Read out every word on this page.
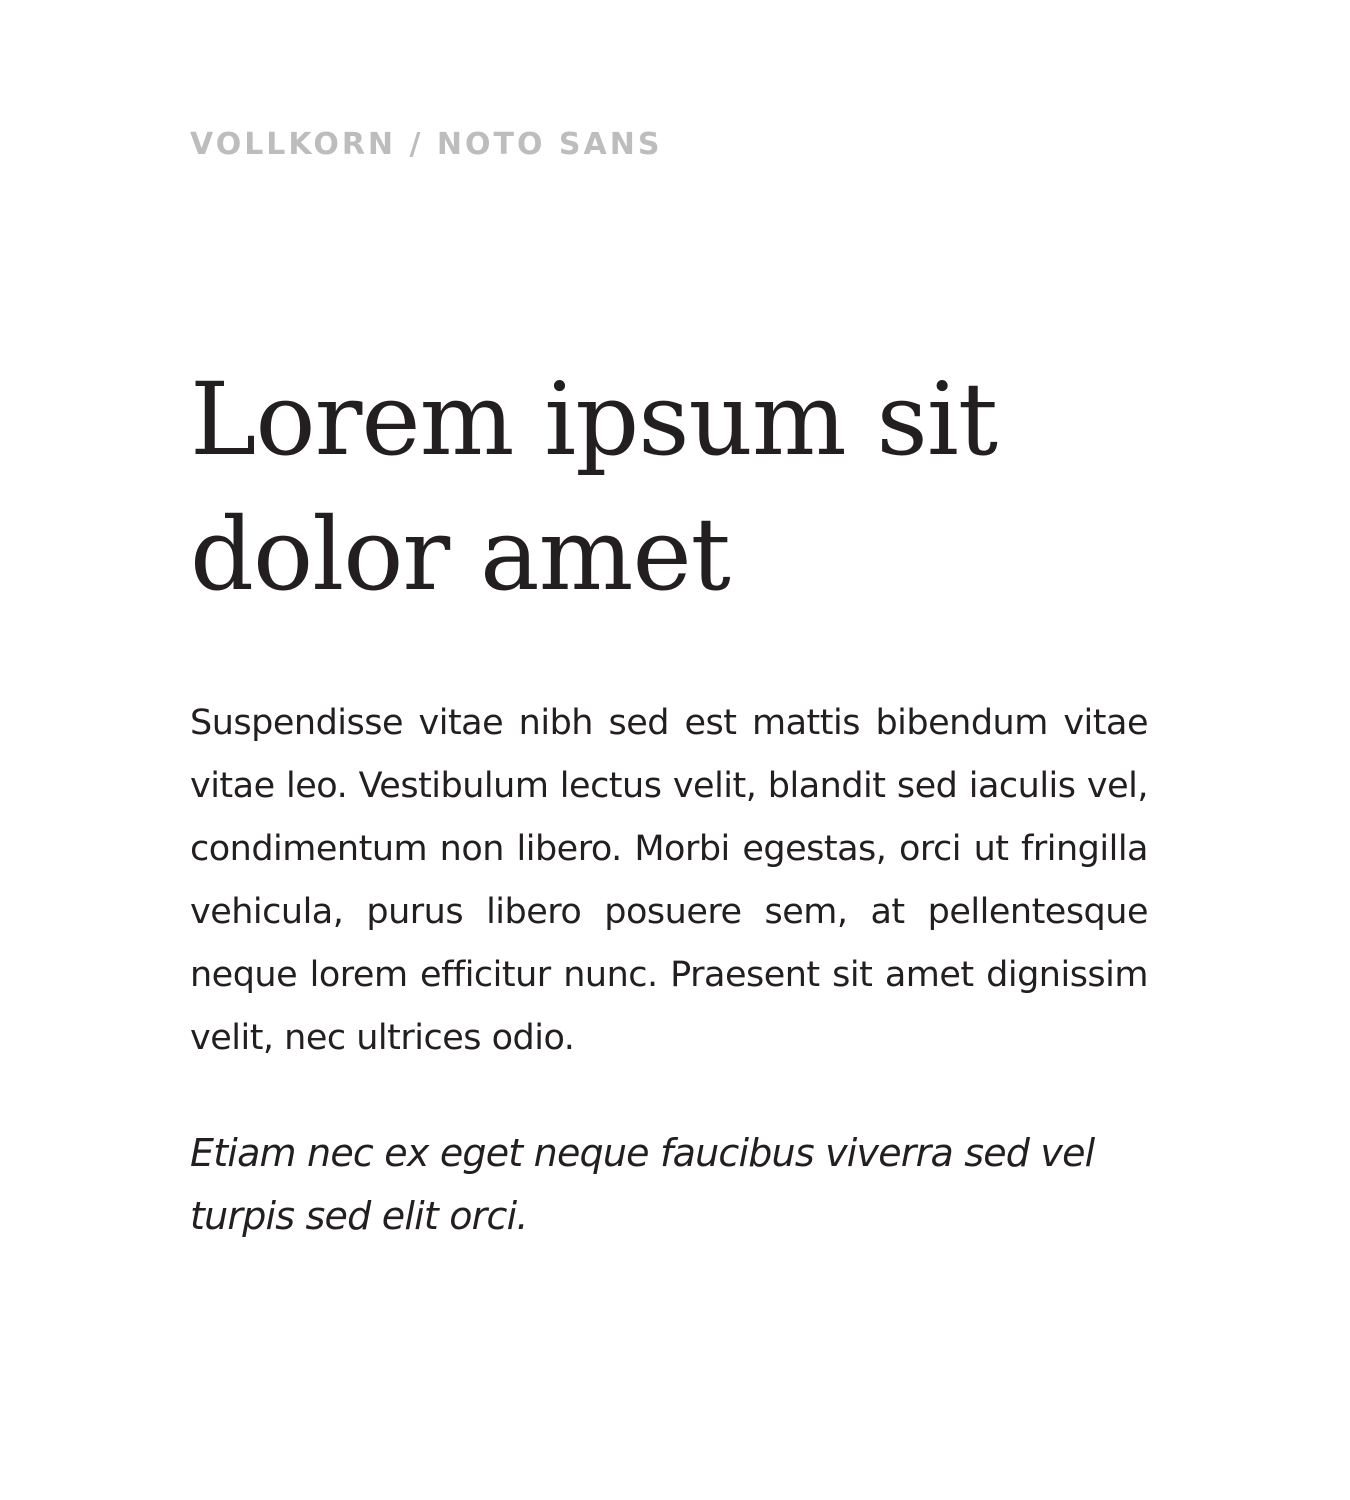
VOLLKORN / NOTO SANS

Lorem ipsum sit dolor amet

Suspendisse vitae nibh sed est mattis bibendum vitae vitae leo. Vestibulum lectus velit, blandit sed iaculis vel, condimentum non libero. Morbi egestas, orci ut fringilla vehicula, purus libero posuere sem, at pellentesque neque lorem efficitur nunc. Praesent sit amet dignissim velit, nec ultrices odio.

Etiam nec ex eget neque faucibus viverra sed vel turpis sed elit orci.
